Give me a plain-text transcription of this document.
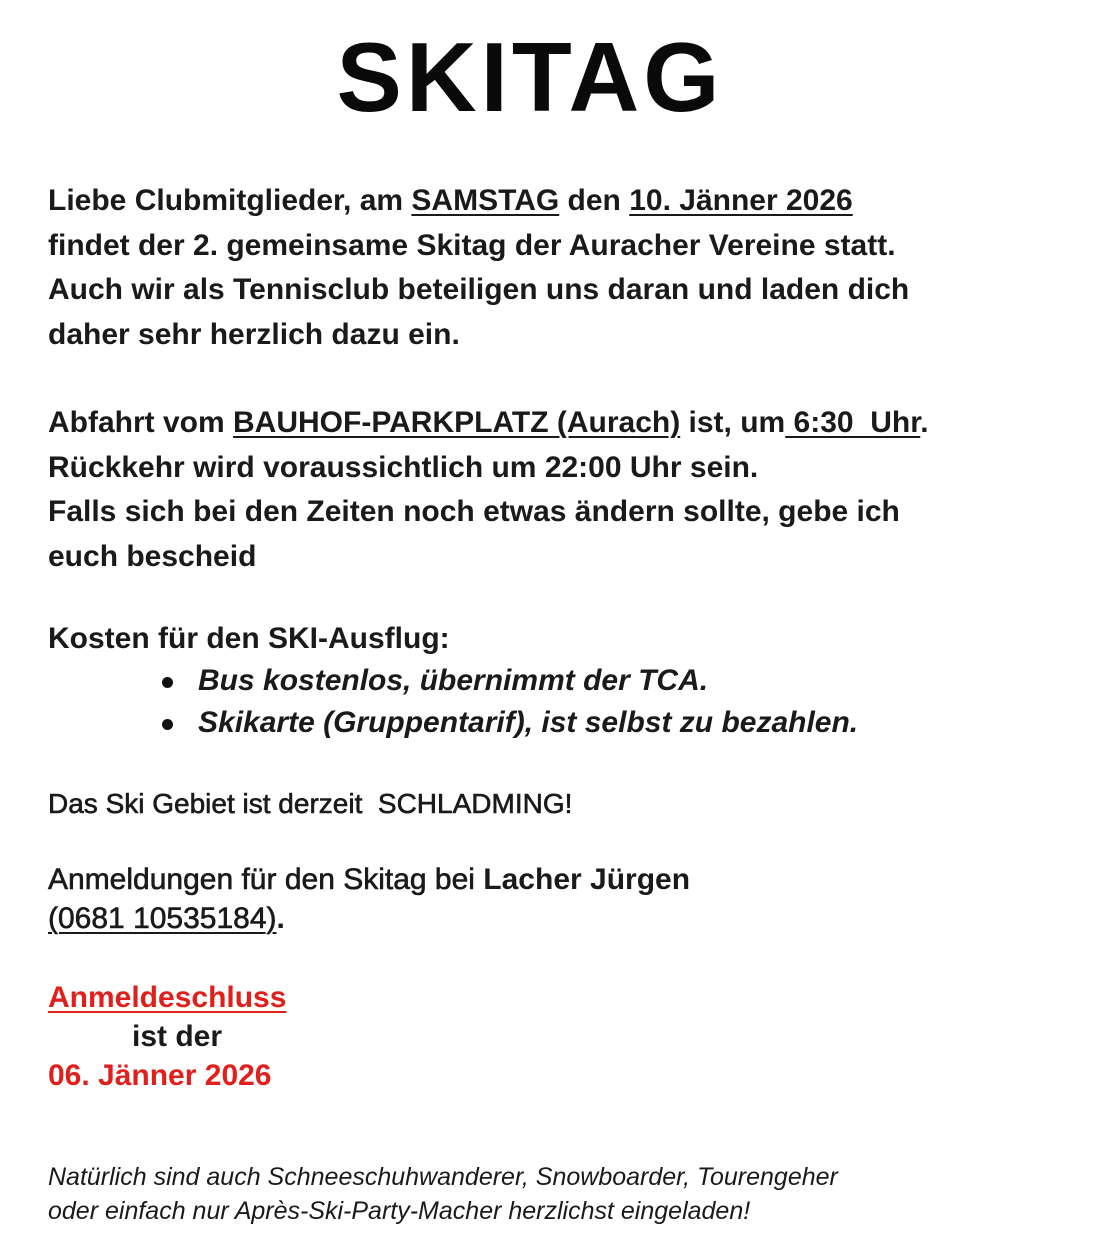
SKITAG
Liebe Clubmitglieder, am SAMSTAG den 10. Jänner 2026
findet der 2. gemeinsame Skitag der Auracher Vereine statt.
Auch wir als Tennisclub beteiligen uns daran und laden dich
daher sehr herzlich dazu ein.
Abfahrt vom BAUHOF-PARKPLATZ (Aurach) ist, um 6:30  Uhr.
Rückkehr wird voraussichtlich um 22:00 Uhr sein.
Falls sich bei den Zeiten noch etwas ändern sollte, gebe ich
euch bescheid
Kosten für den SKI-Ausflug:
Bus kostenlos, übernimmt der TCA.
Skikarte (Gruppentarif), ist selbst zu bezahlen.
Das Ski Gebiet ist derzeit  SCHLADMING!
Anmeldungen für den Skitag bei Lacher Jürgen
(0681 10535184).
Anmeldeschluss
ist der
06. Jänner 2026
Natürlich sind auch Schneeschuhwanderer, Snowboarder, Tourengeher
oder einfach nur Après-Ski-Party-Macher herzlichst eingeladen!
